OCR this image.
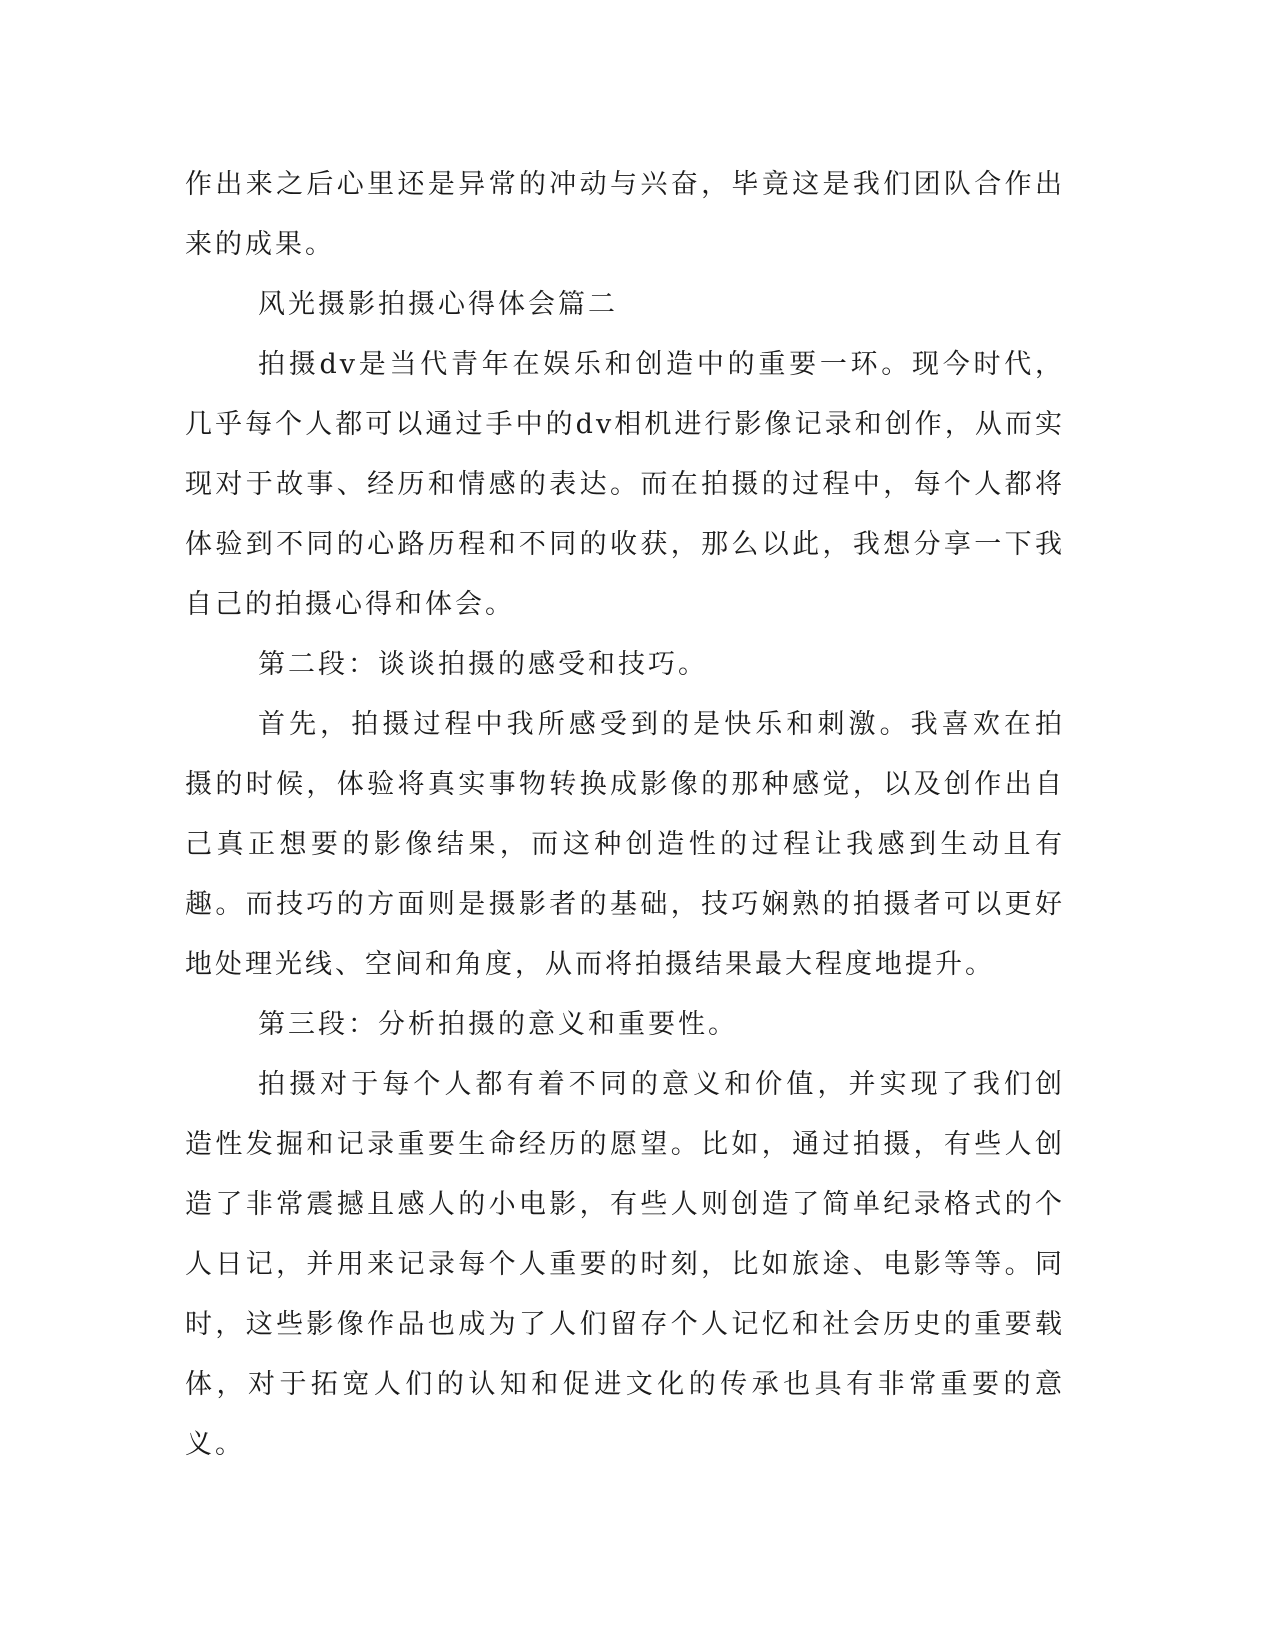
作出来之后心里还是异常的冲动与兴奋，毕竟这是我们团队合作出来的成果。

风光摄影拍摄心得体会篇二

拍摄dv是当代青年在娱乐和创造中的重要一环。现今时代，几乎每个人都可以通过手中的dv相机进行影像记录和创作，从而实现对于故事、经历和情感的表达。而在拍摄的过程中，每个人都将体验到不同的心路历程和不同的收获，那么以此，我想分享一下我自己的拍摄心得和体会。

第二段：谈谈拍摄的感受和技巧。

首先，拍摄过程中我所感受到的是快乐和刺激。我喜欢在拍摄的时候，体验将真实事物转换成影像的那种感觉，以及创作出自己真正想要的影像结果，而这种创造性的过程让我感到生动且有趣。而技巧的方面则是摄影者的基础，技巧娴熟的拍摄者可以更好地处理光线、空间和角度，从而将拍摄结果最大程度地提升。

第三段：分析拍摄的意义和重要性。

拍摄对于每个人都有着不同的意义和价值，并实现了我们创造性发掘和记录重要生命经历的愿望。比如，通过拍摄，有些人创造了非常震撼且感人的小电影，有些人则创造了简单纪录格式的个人日记，并用来记录每个人重要的时刻，比如旅途、电影等等。同时，这些影像作品也成为了人们留存个人记忆和社会历史的重要载体，对于拓宽人们的认知和促进文化的传承也具有非常重要的意义。
